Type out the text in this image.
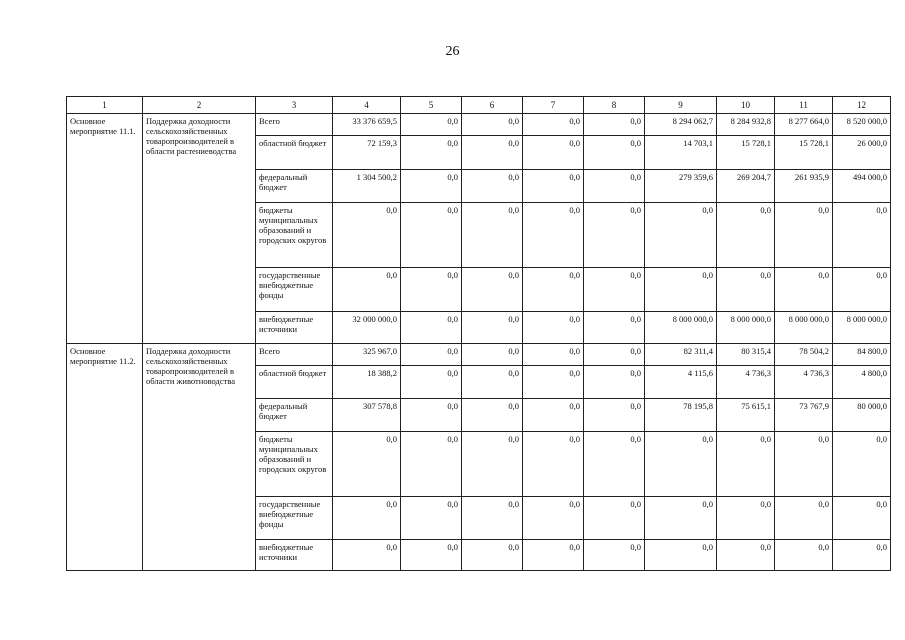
26
1	2	3	4	5	6	7	8	9	10	11	12
Основное мероприятие 11.1.	Поддержка доходности сельскохозяйственных товаропроизводителей в области растениеводства	Всего	33 376 659,5	0,0	0,0	0,0	0,0	8 294 062,7	8 284 932,8	8 277 664,0	8 520 000,0
		областной бюджет	72 159,3	0,0	0,0	0,0	0,0	14 703,1	15 728,1	15 728,1	26 000,0
		федеральный бюджет	1 304 500,2	0,0	0,0	0,0	0,0	279 359,6	269 204,7	261 935,9	494 000,0
		бюджеты муниципальных образований и городских округов	0,0	0,0	0,0	0,0	0,0	0,0	0,0	0,0	0,0
		государственные внебюджетные фонды	0,0	0,0	0,0	0,0	0,0	0,0	0,0	0,0	0,0
		внебюджетные источники	32 000 000,0	0,0	0,0	0,0	0,0	8 000 000,0	8 000 000,0	8 000 000,0	8 000 000,0
Основное мероприятие 11.2.	Поддержка доходности сельскохозяйственных товаропроизводителей в области животноводства	Всего	325 967,0	0,0	0,0	0,0	0,0	82 311,4	80 315,4	78 504,2	84 800,0
		областной бюджет	18 388,2	0,0	0,0	0,0	0,0	4 115,6	4 736,3	4 736,3	4 800,0
		федеральный бюджет	307 578,8	0,0	0,0	0,0	0,0	78 195,8	75 615,1	73 767,9	80 000,0
		бюджеты муниципальных образований и городских округов	0,0	0,0	0,0	0,0	0,0	0,0	0,0	0,0	0,0
		государственные внебюджетные фонды	0,0	0,0	0,0	0,0	0,0	0,0	0,0	0,0	0,0
		внебюджетные источники	0,0	0,0	0,0	0,0	0,0	0,0	0,0	0,0	0,0
